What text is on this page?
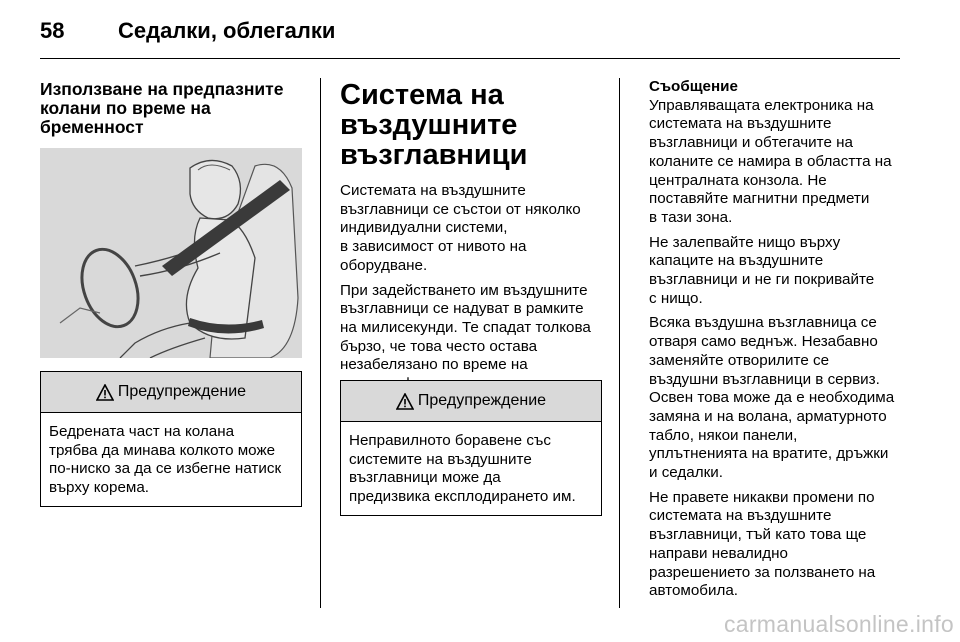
58 Седалки, облегалки
Използване на предпазните
колани по време на
бременност
Предупреждение
Бедрената част на колана
трябва да минава колкото може
по-ниско за да се избегне натиск
върху корема.
Система на
въздушните
възглавници

Системата на въздушните
възглавници се състои от няколко
индивидуални системи,
в зависимост от нивото на
оборудване.

При задействането им въздушните
възглавници се надуват в рамките
на милисекунди. Те спадат толкова
бързо, че това често остава
незабелязано по време на

Предупреждение
Неправилното боравене със
системите на въздушните
възглавници може да
предизвика експлодирането им.
Съобщение

Управляващата електроника на
системата на въздушните
възглавници и обтегачите на
коланите се намира в областта на
централната конзола. Не
поставяйте магнитни предмети
в тази зона.

Не залепвайте нищо върху
капаците на въздушните
възглавници и не ги покривайте
с нищо.

Всяка въздушна възглавница се
отваря само веднъж. Незабавно
заменяйте отворилите се
въздушни възглавници в сервиз.
Освен това може да е необходима
замяна и на волана, арматурното
табло, някои панели,
уплътненията на вратите, дръжки
и седалки.

Не правете никакви промени по
системата на въздушните
възглавници, тъй като това ще
направи невалидно
разрешението за ползването на
автомобила.

carmanualsonline.info
